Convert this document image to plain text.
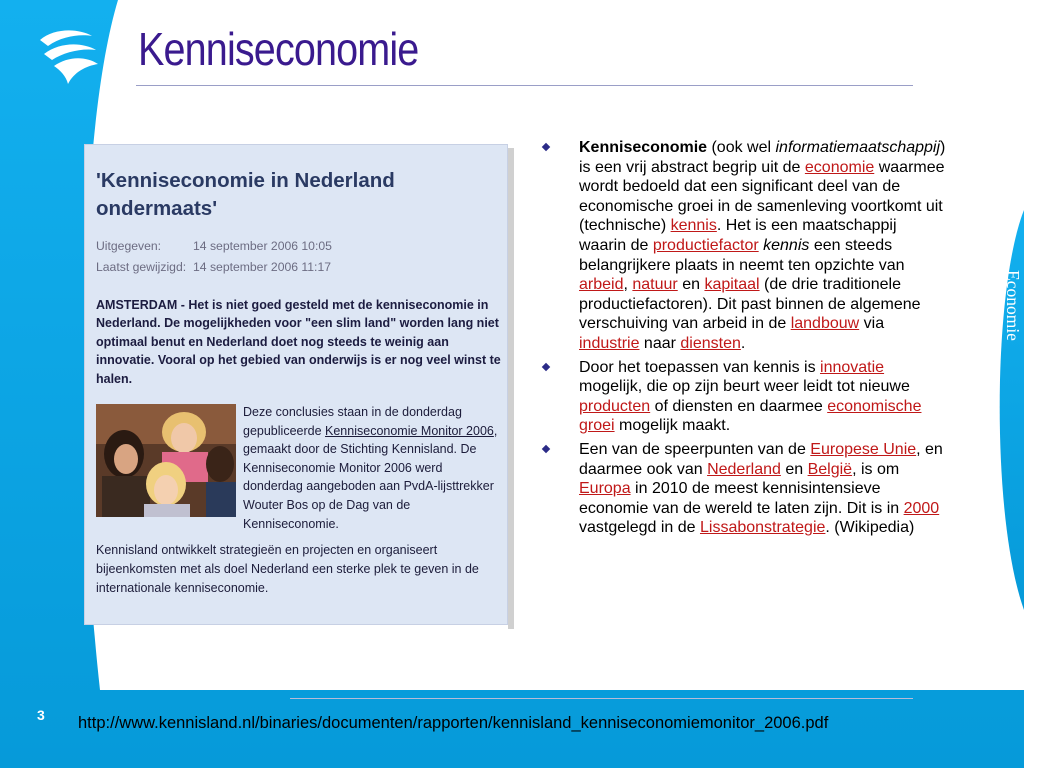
Kenniseconomie
'Kenniseconomie in Nederland ondermaats'
Uitgegeven:	14 september 2006 10:05
Laatst gewijzigd: 14 september 2006 11:17
AMSTERDAM - Het is niet goed gesteld met de kenniseconomie in Nederland. De mogelijkheden voor "een slim land" worden lang niet optimaal benut en Nederland doet nog steeds te weinig aan innovatie. Vooral op het gebied van onderwijs is er nog veel winst te halen.
Deze conclusies staan in de donderdag gepubliceerde Kenniseconomie Monitor 2006, gemaakt door de Stichting Kennisland. De Kenniseconomie Monitor 2006 werd donderdag aangeboden aan PvdA-lijsttrekker Wouter Bos op de Dag van de Kenniseconomie.
Kennisland ontwikkelt strategieën en projecten en organiseert bijeenkomsten met als doel Nederland een sterke plek te geven in de internationale kenniseconomie.
Kenniseconomie (ook wel informatiemaatschappij) is een vrij abstract begrip uit de economie waarmee wordt bedoeld dat een significant deel van de economische groei in de samenleving voortkomt uit (technische) kennis. Het is een maatschappij waarin de productiefactor kennis een steeds belangrijkere plaats in neemt ten opzichte van arbeid, natuur en kapitaal (de drie traditionele productiefactoren). Dit past binnen de algemene verschuiving van arbeid in de landbouw via industrie naar diensten.
Door het toepassen van kennis is innovatie mogelijk, die op zijn beurt weer leidt tot nieuwe producten of diensten en daarmee economische groei mogelijk maakt.
Een van de speerpunten van de Europese Unie, en daarmee ook van Nederland en België, is om Europa in 2010 de meest kennisintensieve economie van de wereld te laten zijn. Dit is in 2000 vastgelegd in de Lissabonstrategie. (Wikipedia)
Hogeschool van Amsterdam
Economie
3 http://www.kennisland.nl/binaries/documenten/rapporten/kennisland_kenniseconomiemonitor_2006.pdf
